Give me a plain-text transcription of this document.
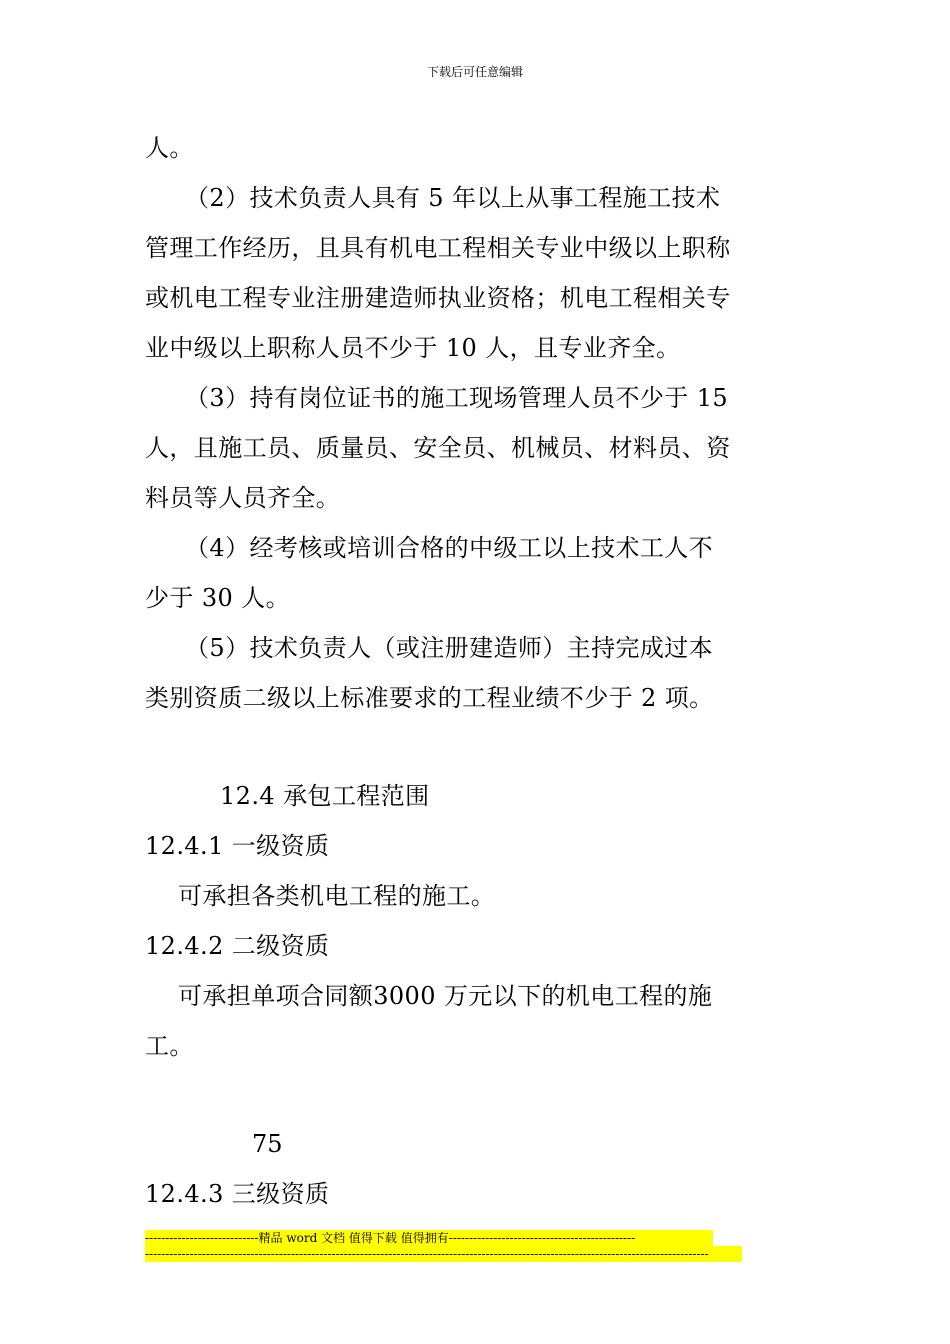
下载后可任意编辑
人。
（2）技术负责人具有 5 年以上从事工程施工技术
管理工作经历，且具有机电工程相关专业中级以上职称
或机电工程专业注册建造师执业资格；机电工程相关专
业中级以上职称人员不少于 10 人，且专业齐全。
（3）持有岗位证书的施工现场管理人员不少于 15
人，且施工员、质量员、安全员、机械员、材料员、资
料员等人员齐全。
（4）经考核或培训合格的中级工以上技术工人不
少于 30 人。
（5）技术负责人（或注册建造师）主持完成过本
类别资质二级以上标准要求的工程业绩不少于 2 项。
12.4 承包工程范围
12.4.1 一级资质
可承担各类机电工程的施工。
12.4.2 二级资质
可承担单项合同额3000 万元以下的机电工程的施
工。
75
12.4.3 三级资质
----------------------------精品 word 文档 值得下载 值得拥有----------------------------------------------
-------------------------------------------------------------------------------------------------------------------------------------------
